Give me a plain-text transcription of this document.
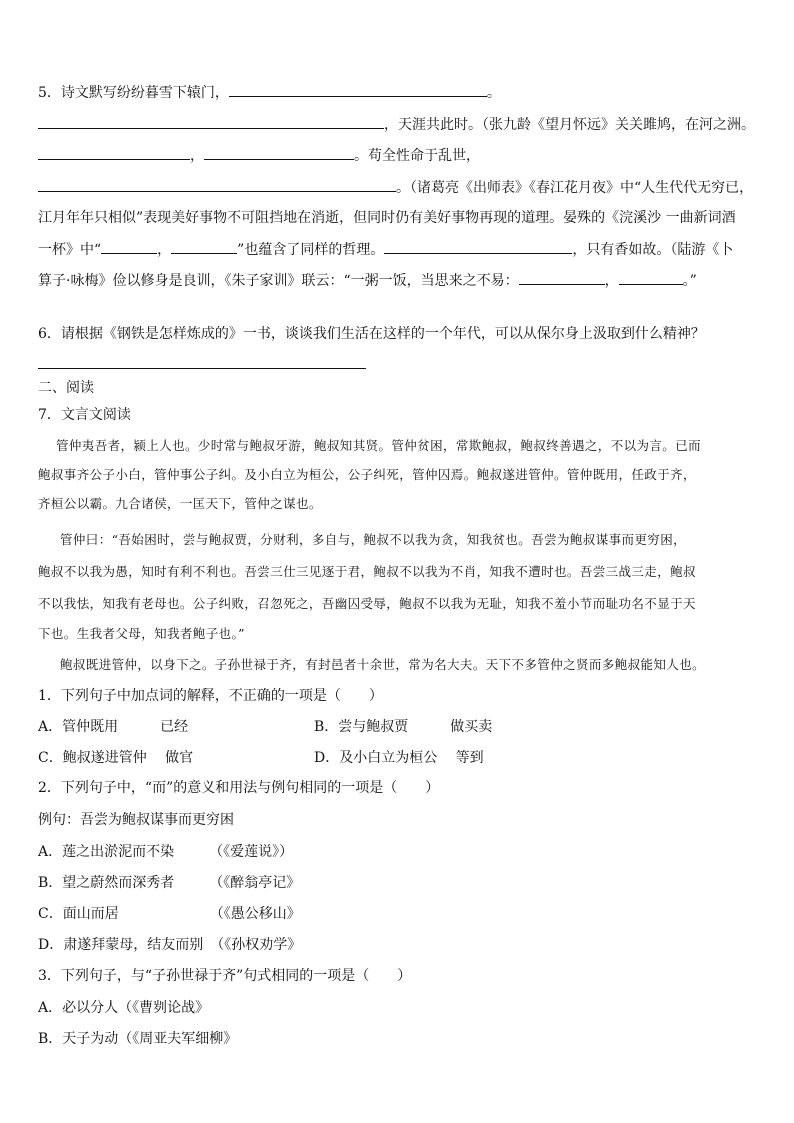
5．诗文默写纷纷暮雪下辕门，	。
，天涯共此时。（张九龄《望月怀远》关关雎鸠，在河之洲。
，	。苟全性命于乱世，
。（诸葛亮《出师表》《春江花月夜》中“人生代代无穷已，
江月年年只相似”表现美好事物不可阻挡地在消逝，但同时仍有美好事物再现的道理。晏殊的《浣溪沙 一曲新词酒
一杯》中“	，	”也蕴含了同样的哲理。	，只有香如故。（陆游《卜
算子·咏梅》俭以修身是良训，《朱子家训》联云：“一粥一饭，当思来之不易：	，	。”
6．请根据《钢铁是怎样炼成的》一书，谈谈我们生活在这样的一个年代，可以从保尔身上汲取到什么精神？
二、阅读
7．文言文阅读
管仲夷吾者，颍上人也。少时常与鲍叔牙游，鲍叔知其贤。管仲贫困，常欺鲍叔，鲍叔终善遇之，不以为言。已而
鲍叔事齐公子小白，管仲事公子纠。及小白立为桓公，公子纠死，管仲囚焉。鲍叔遂进管仲。管仲既用，任政于齐，
齐桓公以霸。九合诸侯，一匡天下，管仲之谋也。
管仲曰：“吾始困时，尝与鲍叔贾，分财利，多自与，鲍叔不以我为贪，知我贫也。吾尝为鲍叔谋事而更穷困，
鲍叔不以我为愚，知时有利不利也。吾尝三仕三见逐于君，鲍叔不以我为不肖，知我不遭时也。吾尝三战三走，鲍叔
不以我怯，知我有老母也。公子纠败，召忽死之，吾幽囚受辱，鲍叔不以我为无耻，知我不羞小节而耻功名不显于天
下也。生我者父母，知我者鲍子也。”
鲍叔既进管仲，以身下之。子孙世禄于齐，有封邑者十余世，常为名大夫。天下不多管仲之贤而多鲍叔能知人也。
1．下列句子中加点词的解释，不正确的一项是（　　）
A．管仲既用　　　已经	B．尝与鲍叔贾　　　做买卖
C．鲍叔遂进管仲　 做官	D．及小白立为桓公　 等到
2．下列句子中，“而”的意义和用法与例句相同的一项是（　　）
例句：吾尝为鲍叔谋事而更穷困
A．莲之出淤泥而不染　　　（《爱莲说》）
B．望之蔚然而深秀者　　　（《醉翁亭记》
C．面山而居　　　　　　　（《愚公移山》
D．肃遂拜蒙母，结友而别　（《孙权劝学》
3．下列句子，与“子孙世禄于齐”句式相同的一项是（　　）
A．必以分人（《曹刿论战》
B．天子为动（《周亚夫军细柳》
